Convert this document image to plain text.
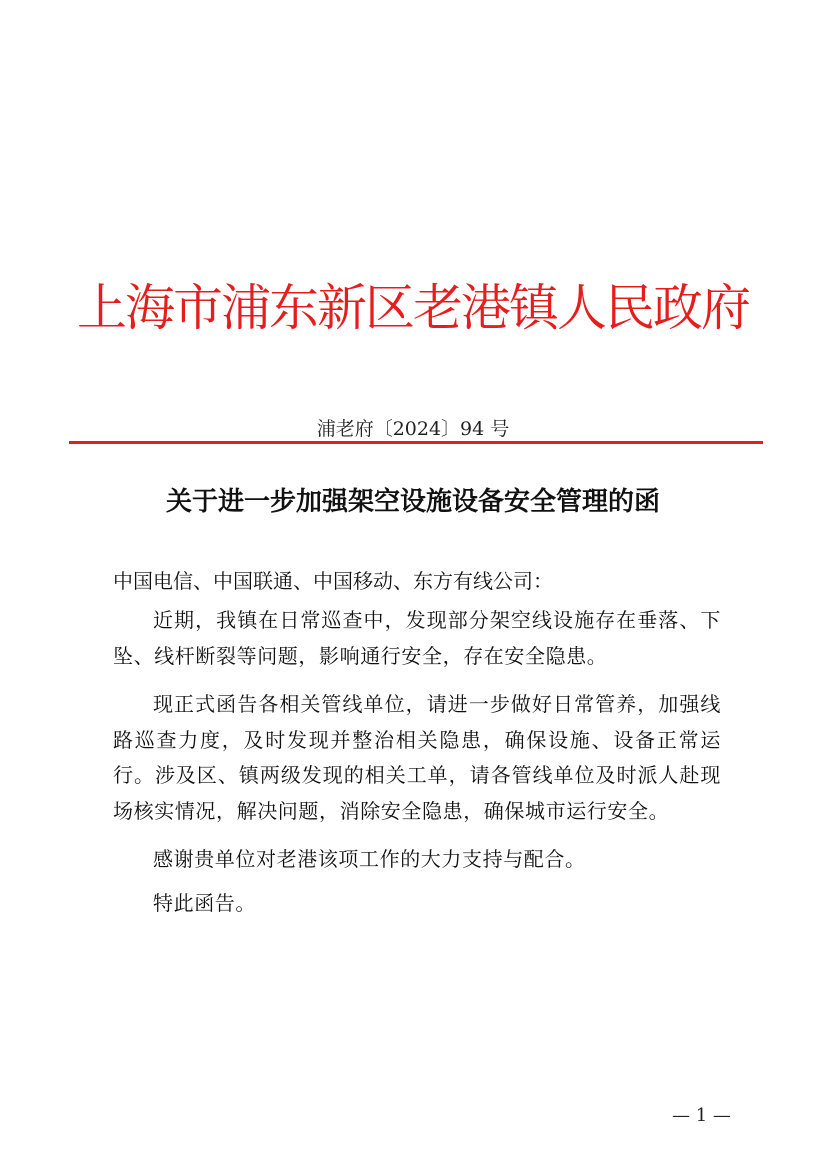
上海市浦东新区老港镇人民政府
浦老府〔2024〕94 号
关于进一步加强架空设施设备安全管理的函
中国电信、中国联通、中国移动、东方有线公司：
近期，我镇在日常巡查中，发现部分架空线设施存在垂落、下坠、线杆断裂等问题，影响通行安全，存在安全隐患。
现正式函告各相关管线单位，请进一步做好日常管养，加强线路巡查力度，及时发现并整治相关隐患，确保设施、设备正常运行。涉及区、镇两级发现的相关工单，请各管线单位及时派人赴现场核实情况，解决问题，消除安全隐患，确保城市运行安全。
感谢贵单位对老港该项工作的大力支持与配合。
特此函告。
— 1 —
